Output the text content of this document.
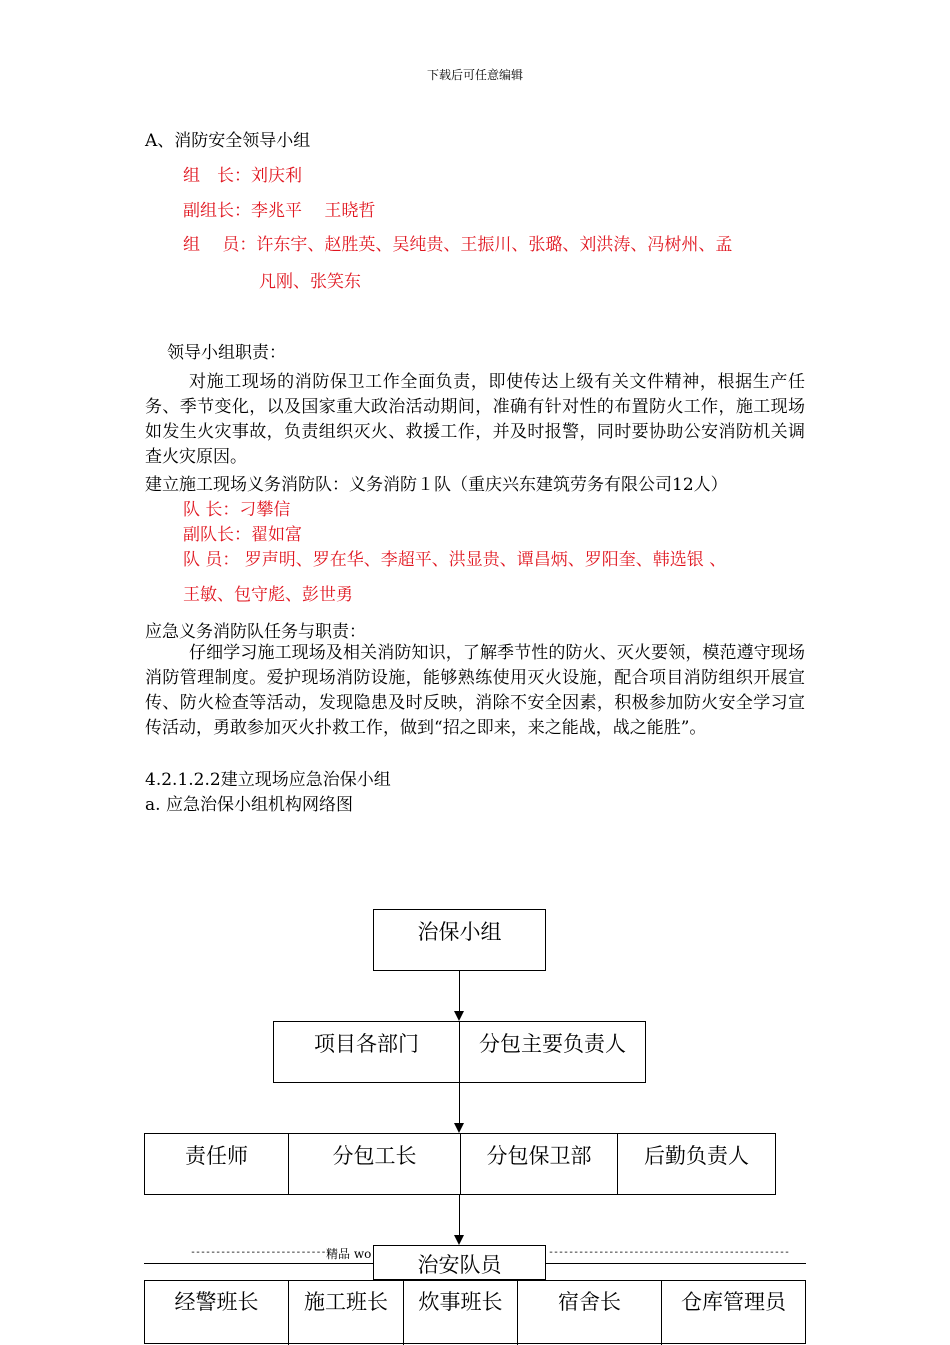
下载后可任意编辑
A、消防安全领导小组
组　长：刘庆利
副组长：李兆平　 王晓哲
组　 员：许东宇、赵胜英、吴纯贵、王振川、张璐、刘洪涛、冯树州、孟
凡刚、张笑东
领导小组职责：
对施工现场的消防保卫工作全面负责，即使传达上级有关文件精神，根据生产任务、季节变化，以及国家重大政治活动期间，准确有针对性的布置防火工作，施工现场如发生火灾事故，负责组织灭火、救援工作，并及时报警，同时要协助公安消防机关调查火灾原因。
建立施工现场义务消防队：义务消防１队（重庆兴东建筑劳务有限公司12人）
队 长：刁攀信
副队长：翟如富
队 员： 罗声明、罗在华、李超平、洪显贵、谭昌炳、罗阳奎、韩选银 、
王敏、包守彪、彭世勇
应急义务消防队任务与职责：
仔细学习施工现场及相关消防知识，了解季节性的防火、灭火要领，模范遵守现场消防管理制度。爱护现场消防设施，能够熟练使用灭火设施，配合项目消防组织开展宣传、防火检查等活动，发现隐患及时反映，消除不安全因素，积极参加防火安全学习宣传活动，勇敢参加灭火扑救工作，做到“招之即来，来之能战，战之能胜”。
4.2.1.2.2建立现场应急治保小组
a. 应急治保小组机构网络图
治保小组
项目各部门	分包主要负责人
责任师	分包工长	分包保卫部	后勤负责人
-----------------------------
精品 wo	------------------------------------------------
治安队员
经警班长	施工班长	炊事班长	宿舍长	仓库管理员
